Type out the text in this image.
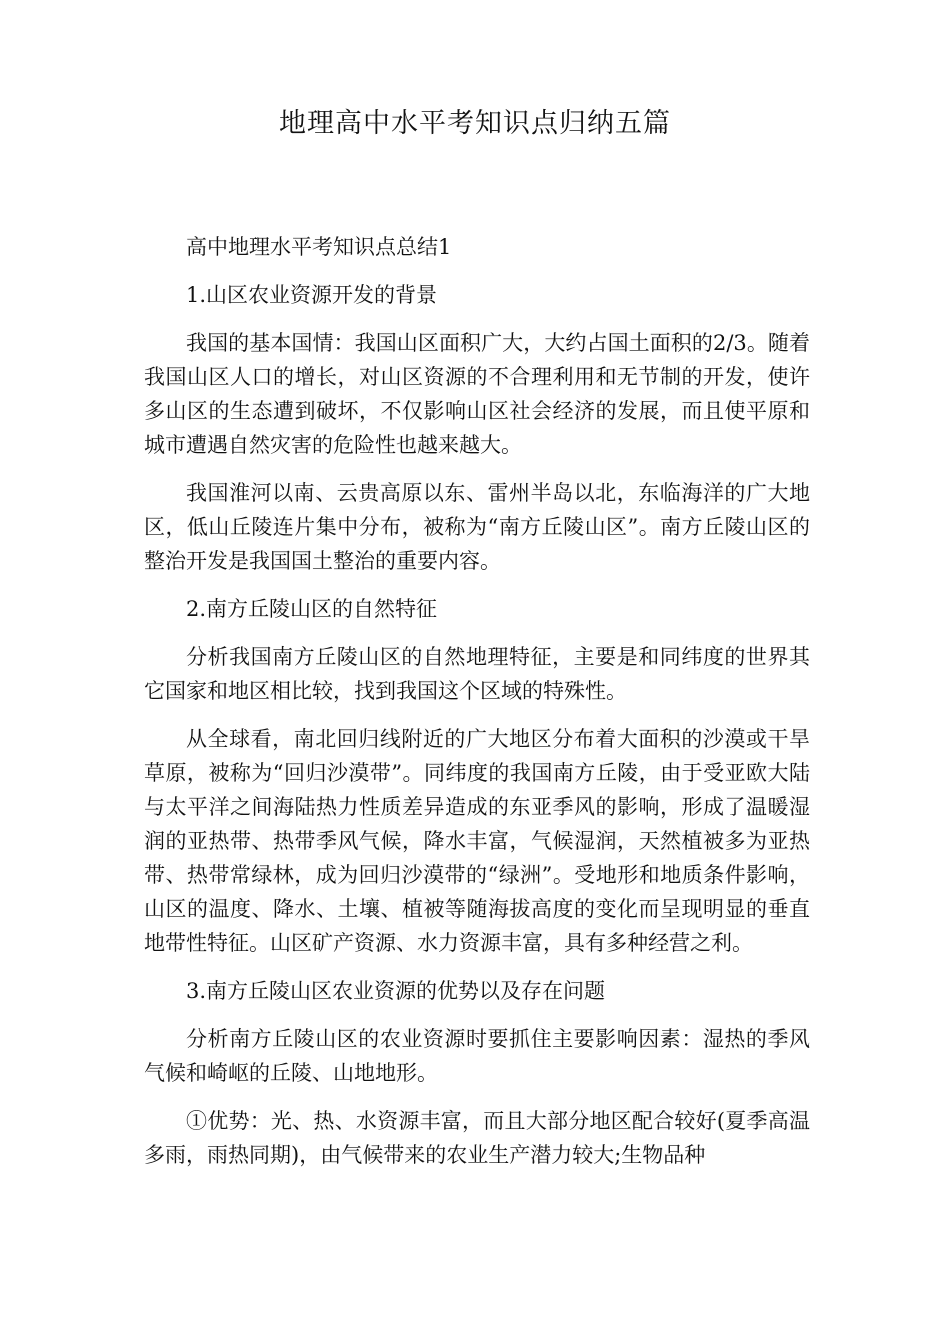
地理高中水平考知识点归纳五篇

高中地理水平考知识点总结1

1.山区农业资源开发的背景

我国的基本国情：我国山区面积广大，大约占国土面积的2/3。随着我国山区人口的增长，对山区资源的不合理利用和无节制的开发，使许多山区的生态遭到破坏，不仅影响山区社会经济的发展，而且使平原和城市遭遇自然灾害的危险性也越来越大。

我国淮河以南、云贵高原以东、雷州半岛以北，东临海洋的广大地区，低山丘陵连片集中分布，被称为“南方丘陵山区”。南方丘陵山区的整治开发是我国国土整治的重要内容。

2.南方丘陵山区的自然特征

分析我国南方丘陵山区的自然地理特征，主要是和同纬度的世界其它国家和地区相比较，找到我国这个区域的特殊性。

从全球看，南北回归线附近的广大地区分布着大面积的沙漠或干旱草原，被称为“回归沙漠带”。同纬度的我国南方丘陵，由于受亚欧大陆与太平洋之间海陆热力性质差异造成的东亚季风的影响，形成了温暖湿润的亚热带、热带季风气候，降水丰富，气候湿润，天然植被多为亚热带、热带常绿林，成为回归沙漠带的“绿洲”。受地形和地质条件影响，山区的温度、降水、土壤、植被等随海拔高度的变化而呈现明显的垂直地带性特征。山区矿产资源、水力资源丰富，具有多种经营之利。

3.南方丘陵山区农业资源的优势以及存在问题

分析南方丘陵山区的农业资源时要抓住主要影响因素：湿热的季风气候和崎岖的丘陵、山地地形。

①优势：光、热、水资源丰富，而且大部分地区配合较好(夏季高温多雨，雨热同期)，由气候带来的农业生产潜力较大;生物品种
